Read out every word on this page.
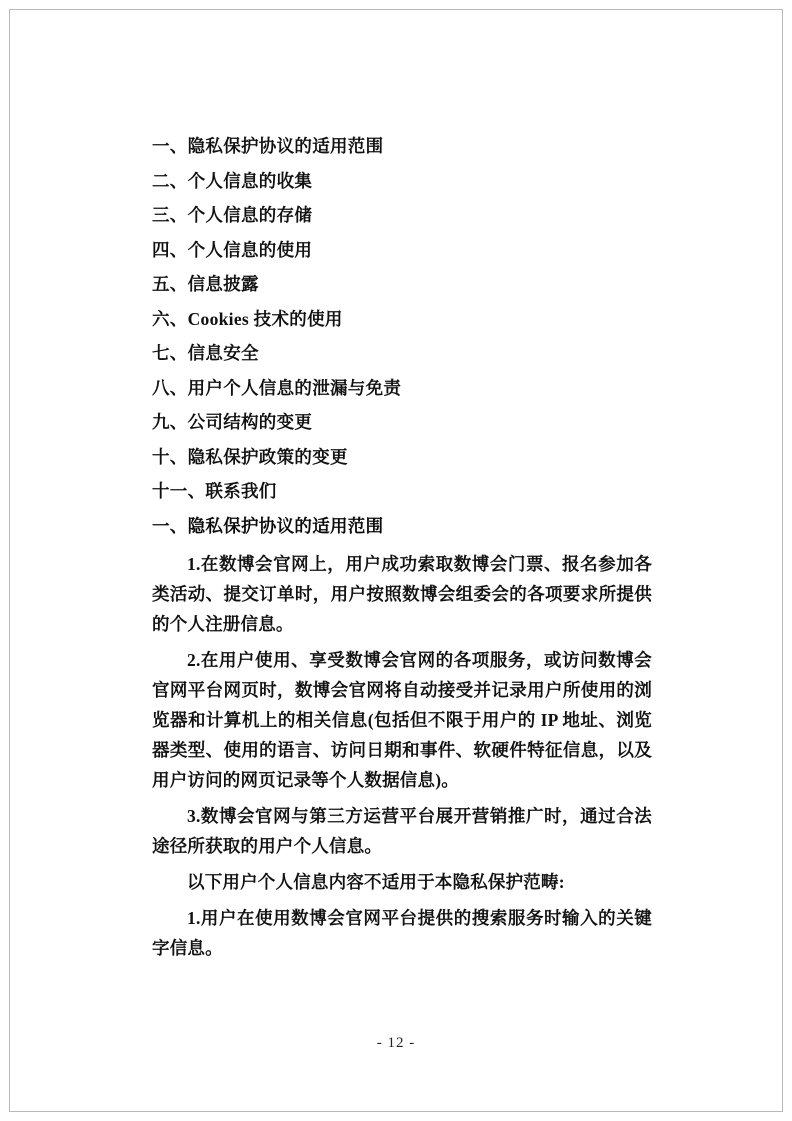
一、隐私保护协议的适用范围

二、个人信息的收集

三、个人信息的存储

四、个人信息的使用

五、信息披露

六、Cookies 技术的使用

七、信息安全

八、用户个人信息的泄漏与免责

九、公司结构的变更

十、隐私保护政策的变更

十一、联系我们

一、隐私保护协议的适用范围

1.在数博会官网上，用户成功索取数博会门票、报名参加各类活动、提交订单时，用户按照数博会组委会的各项要求所提供的个人注册信息。

2.在用户使用、享受数博会官网的各项服务，或访问数博会官网平台网页时，数博会官网将自动接受并记录用户所使用的浏览器和计算机上的相关信息(包括但不限于用户的 IP 地址、浏览器类型、使用的语言、访问日期和事件、软硬件特征信息，以及用户访问的网页记录等个人数据信息)。

3.数博会官网与第三方运营平台展开营销推广时，通过合法途径所获取的用户个人信息。

以下用户个人信息内容不适用于本隐私保护范畴:

1.用户在使用数博会官网平台提供的搜索服务时输入的关键字信息。

- 12 -
